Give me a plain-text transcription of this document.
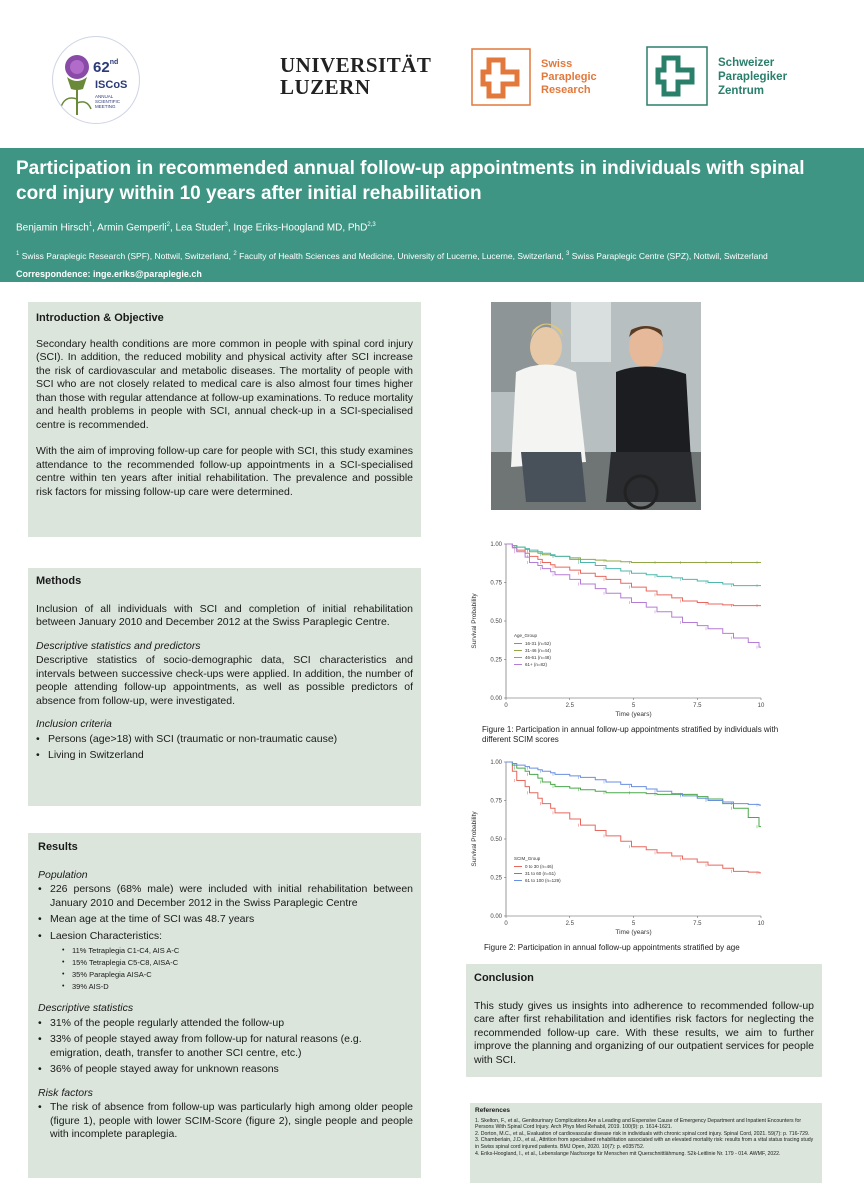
62nd
ISCoS
ANNUAL SCIENTIFIC MEETING
UNIVERSITÄT
LUZERN
Swiss
Paraplegic
Research
Schweizer
Paraplegiker
Zentrum
Participation in recommended annual follow-up appointments in individuals with spinal cord injury within 10 years after initial rehabilitation
Benjamin Hirsch$^1$, Armin Gemperli$^2$, Lea Studer$^3$, Inge Eriks-Hoogland MD, PhD$^{2,3}$
$^1$ Swiss Paraplegic Research (SPF), Nottwil, Switzerland, $^2$ Faculty of Health Sciences and Medicine, University of Lucerne, Lucerne, Switzerland, $^3$ Swiss Paraplegic Centre (SPZ), Nottwil, Switzerland
Correspondence: inge.eriks@paraplegie.ch
Introduction & Objective

Secondary health conditions are more common in people with spinal cord injury (SCI). In addition, the reduced mobility and physical activity after SCI increase the risk of cardiovascular and metabolic diseases. The mortality of people with SCI who are not closely related to medical care is also almost four times higher than those with regular attendance at follow-up examinations. To reduce mortality and health problems in people with SCI, annual check-up in a SCI-specialised centre is recommended.

With the aim of improving follow-up care for people with SCI, this study examines attendance to the recommended follow-up appointments in a SCI-specialised centre within ten years after initial rehabilitation. The prevalence and possible risk factors for missing follow-up care were determined.

0.00
0.25
0.50
0.75
1.00
0	2.5	5	7.5	10
Time (years)
Survival Probability	Age_Group
16-31 (n=52)
31-46 (n=44)
46-61 (n=48)
61+ (n=82)
Figure 1: Participation in annual follow-up appointments stratified by individuals with different SCIM scores
0.00
0.25
0.50
0.75
1.00
0	2.5	5	7.5	10
Time (years)
Survival Probability	SCIM_Group
0 to 30 (n=46)
31 to 60 (n=51)
61 to 100 (n=129)
Figure 2: Participation in annual follow-up appointments stratified by age
Methods

Inclusion of all individuals with SCI and completion of initial rehabilitation between January 2010 and December 2012 at the Swiss Paraplegic Centre.

Descriptive statistics and predictors

Descriptive statistics of socio-demographic data, SCI characteristics and intervals between successive check-ups were applied. In addition, the number of people attending follow-up appointments, as well as possible predictors of absence from follow-up, were investigated.

Inclusion criteria
• Persons (age>18) with SCI (traumatic or non-traumatic cause)
• Living in Switzerland
Results
Population
• 226 persons (68% male) were included with initial rehabilitation between January 2010 and December 2012 in the Swiss Paraplegic Centre
• Mean age at the time of SCI was 48.7 years
• Laesion Characteristics:
• 11% Tetraplegia C1-C4, AIS A-C
• 15% Tetraplegia C5-C8, AISA-C
• 35% Paraplegia AISA-C
• 39% AIS-D
Descriptive statistics
• 31% of the people regularly attended the follow-up
• 33% of people stayed away from follow-up for natural reasons (e.g. emigration, death, transfer to another SCI centre, etc.)
• 36% of people stayed away for unknown reasons
Risk factors
• The risk of absence from follow-up was particularly high among older people (figure 1), people with lower SCIM-Score (figure 2), single people and people with incomplete paraplegia.
Conclusion

This study gives us insights into adherence to recommended follow-up care after first rehabilitation and identifies risk factors for neglecting the recommended follow-up care. With these results, we aim to further improve the planning and organizing of our outpatient services for people with SCI.

References
1. Skelton, F., et al., Genitourinary Complications Are a Leading and Expensive Cause of Emergency Department and Inpatient Encounters for Persons With Spinal Cord Injury. Arch Phys Med Rehabil, 2019. 100(9): p. 1614-1621.
2. Dorton, M.C., et al., Evaluation of cardiovascular disease risk in individuals with chronic spinal cord injury. Spinal Cord, 2021. 59(7): p. 716-729.
3. Chamberlain, J.D., et al., Attrition from specialised rehabilitation associated with an elevated mortality risk: results from a vital status tracing study in Swiss spinal cord injured patients. BMJ Open, 2020. 10(7): p. e035752.
4. Eriks-Hoogland, I., et al., Lebenslange Nachsorge für Menschen mit Querschnittlähmung. S2k-Leitlinie Nr. 179 - 014. AWMF, 2022.
